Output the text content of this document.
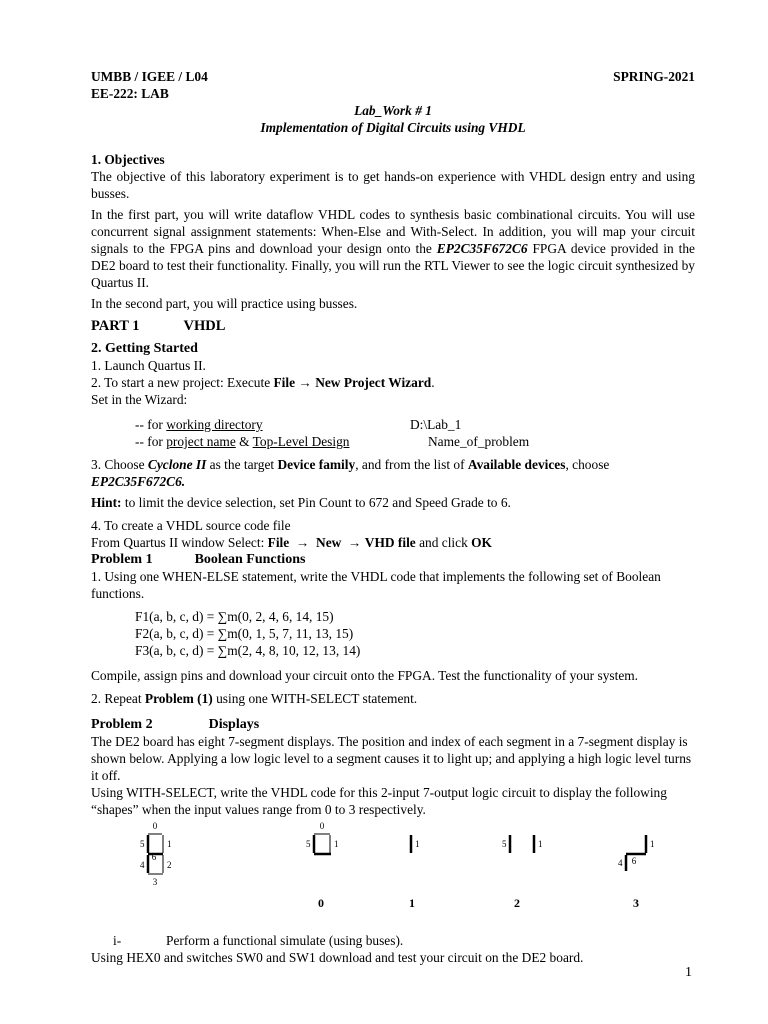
UMBB / IGEE / L04
EE-222: LAB
SPRING-2021
Lab_Work # 1
Implementation of Digital Circuits using VHDL
1. Objectives

The objective of this laboratory experiment is to get hands-on experience with VHDL design entry and using busses.

In the first part, you will write dataflow VHDL codes to synthesis basic combinational circuits. You will use concurrent signal assignment statements: When-Else and With-Select. In addition, you will map your circuit signals to the FPGA pins and download your design onto the EP2C35F672C6 FPGA device provided in the DE2 board to test their functionality. Finally, you will run the RTL Viewer to see the logic circuit synthesized by Quartus II.

In the second part, you will practice using busses.

PART 1	VHDL
2. Getting Started

1. Launch Quartus II.

2. To start a new project: Execute File → New Project Wizard.

Set in the Wizard:

-- for working directory	D:\Lab_1
-- for project name & Top-Level Design	Name_of_problem

3. Choose Cyclone II as the target Device family, and from the list of Available devices, choose
EP2C35F672C6.

Hint: to limit the device selection, set Pin Count to 672 and Speed Grade to 6.

4. To create a VHDL source code file

From Quartus II window Select: File → New → VHD file and click OK

Problem 1	Boolean Functions

1. Using one WHEN-ELSE statement, write the VHDL code that implements the following set of Boolean functions.

F1(a, b, c, d) = ∑m(0, 2, 4, 6, 14, 15)
F2(a, b, c, d) = ∑m(0, 1, 5, 7, 11, 13, 15)
F3(a, b, c, d) = ∑m(2, 4, 8, 10, 12, 13, 14)

Compile, assign pins and download your circuit onto the FPGA. Test the functionality of your system.

2. Repeat Problem (1) using one WITH-SELECT statement.

Problem 2	Displays

The DE2 board has eight 7-segment displays. The position and index of each segment in a 7-segment display is shown below. Applying a low logic level to a segment causes it to light up; and applying a high logic level turns it off.

Using WITH-SELECT, write the VHDL code for this 2-input 7-output logic circuit to display the following “shapes” when the input values range from 0 to 3 respectively.

0
1
2
3
4
5
6
0
5	1	1	5	1	1
4 6
0	1	2	3

i-	Perform a functional simulate (using buses).

Using HEX0 and switches SW0 and SW1 download and test your circuit on the DE2 board.

1
